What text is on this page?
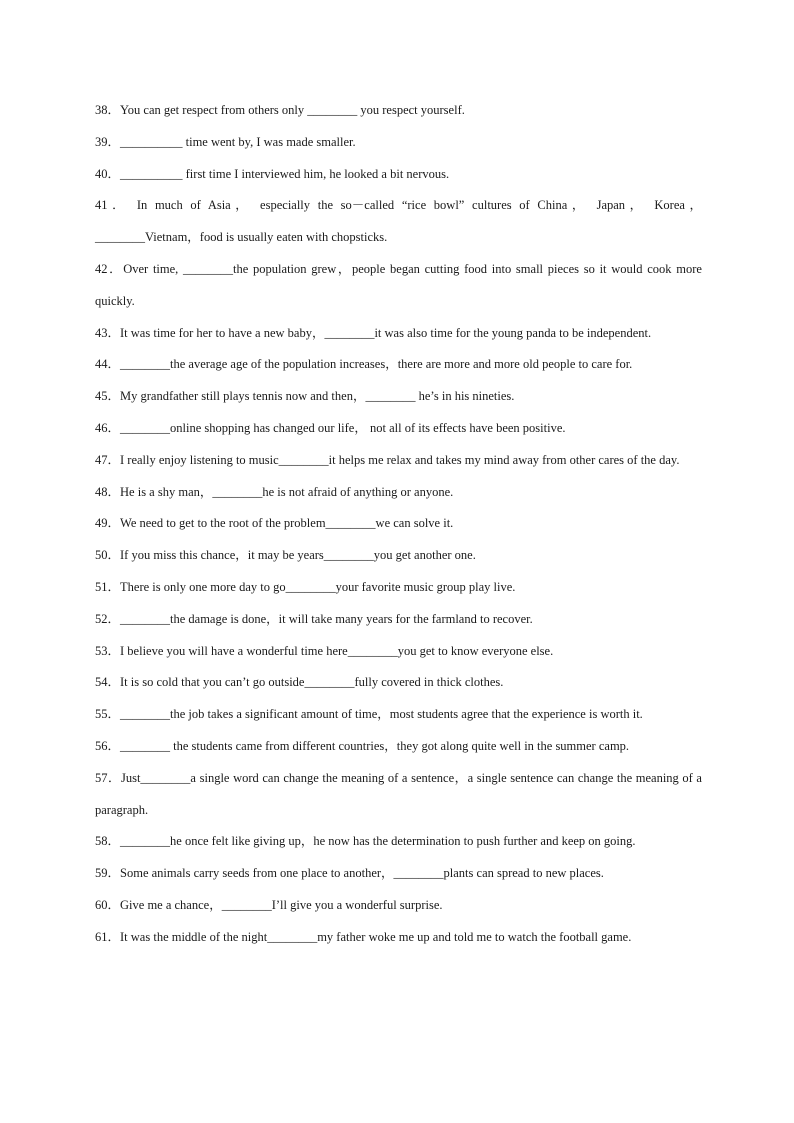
38．You can get respect from others only ________ you respect yourself.

39．__________ time went by, I was made smaller.

40．__________ first time I interviewed him, he looked a bit nervous.

41． In much of Asia， especially the so－called “rice bowl” cultures of China， Japan， Korea， ________Vietnam，food is usually eaten with chopsticks.

42．Over time, ________the population grew，people began cutting food into small pieces so it would cook more quickly.

43．It was time for her to have a new baby，________it was also time for the young panda to be independent.

44．________the average age of the population increases，there are more and more old people to care for.

45．My grandfather still plays tennis now and then，________ he’s in his nineties.

46．________online shopping has changed our life， not all of its effects have been positive.

47．I really enjoy listening to music________it helps me relax and takes my mind away from other cares of the day.

48．He is a shy man，________he is not afraid of anything or anyone.

49．We need to get to the root of the problem________we can solve it.

50．If you miss this chance，it may be years________you get another one.

51．There is only one more day to go________your favorite music group play live.

52．________the damage is done，it will take many years for the farmland to recover.

53．I believe you will have a wonderful time here________you get to know everyone else.

54．It is so cold that you can’t go outside________fully covered in thick clothes.

55．________the job takes a significant amount of time，most students agree that the experience is worth it.

56．________ the students came from different countries，they got along quite well in the summer camp.

57．Just________a single word can change the meaning of a sentence，a single sentence can change the meaning of a paragraph.

58．________he once felt like giving up，he now has the determination to push further and keep on going.

59．Some animals carry seeds from one place to another，________plants can spread to new places.

60．Give me a chance，________I’ll give you a wonderful surprise.

61．It was the middle of the night________my father woke me up and told me to watch the football game.
